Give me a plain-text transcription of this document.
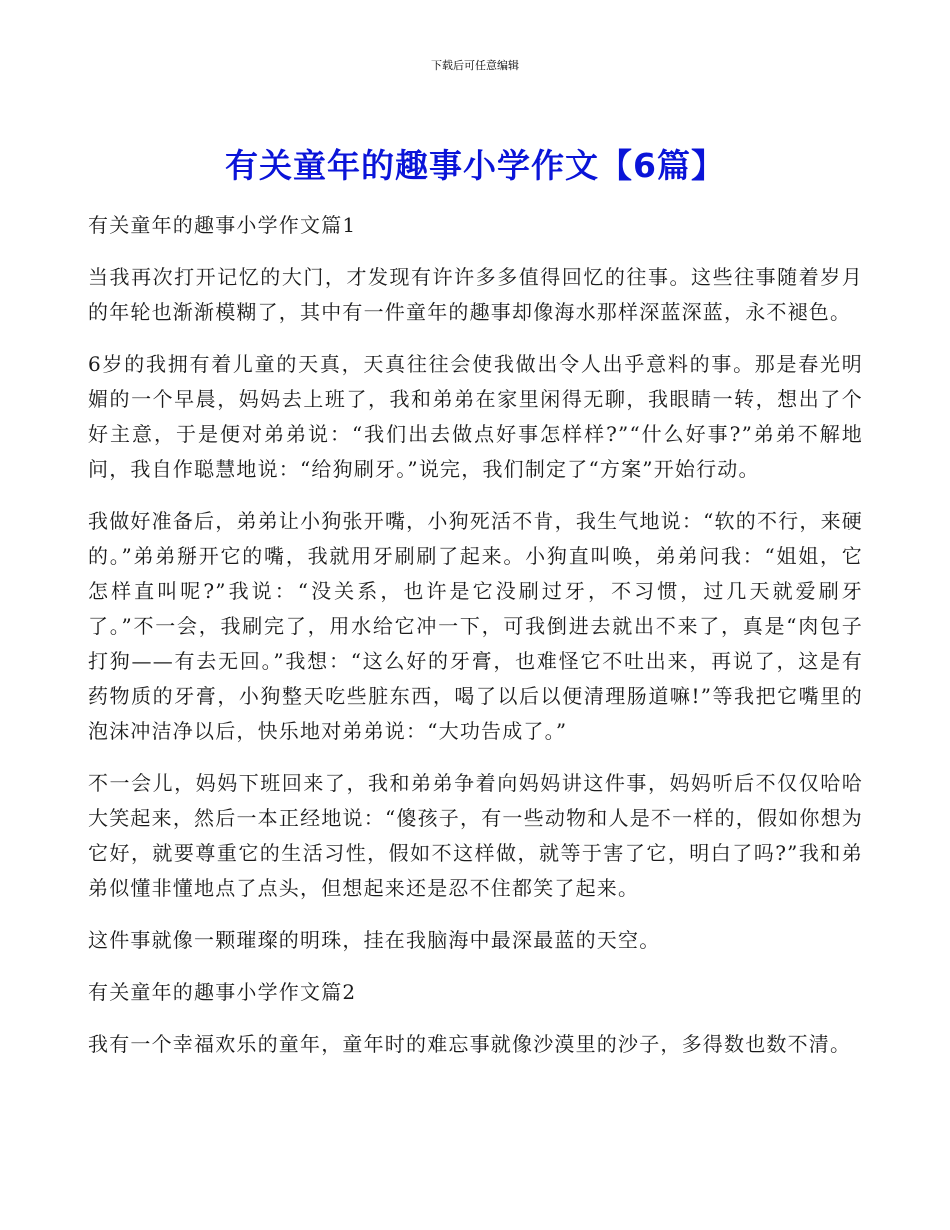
下载后可任意编辑
有关童年的趣事小学作文【6篇】

有关童年的趣事小学作文篇1

当我再次打开记忆的大门，才发现有许许多多值得回忆的往事。这些往事随着岁月的年轮也渐渐模糊了，其中有一件童年的趣事却像海水那样深蓝深蓝，永不褪色。

6岁的我拥有着儿童的天真，天真往往会使我做出令人出乎意料的事。那是春光明媚的一个早晨，妈妈去上班了，我和弟弟在家里闲得无聊，我眼睛一转，想出了个好主意，于是便对弟弟说：“我们出去做点好事怎样样?”“什么好事?”弟弟不解地问，我自作聪慧地说：“给狗刷牙。”说完，我们制定了“方案”开始行动。

我做好准备后，弟弟让小狗张开嘴，小狗死活不肯，我生气地说：“软的不行，来硬的。”弟弟掰开它的嘴，我就用牙刷刷了起来。小狗直叫唤，弟弟问我：“姐姐，它怎样直叫呢?”我说：“没关系，也许是它没刷过牙，不习惯，过几天就爱刷牙了。”不一会，我刷完了，用水给它冲一下，可我倒进去就出不来了，真是“肉包子打狗——有去无回。”我想：“这么好的牙膏，也难怪它不吐出来，再说了，这是有药物质的牙膏，小狗整天吃些脏东西，喝了以后以便清理肠道嘛!”等我把它嘴里的泡沫冲洁净以后，快乐地对弟弟说：“大功告成了。”

不一会儿，妈妈下班回来了，我和弟弟争着向妈妈讲这件事，妈妈听后不仅仅哈哈大笑起来，然后一本正经地说：“傻孩子，有一些动物和人是不一样的，假如你想为它好，就要尊重它的生活习性，假如不这样做，就等于害了它，明白了吗?”我和弟弟似懂非懂地点了点头，但想起来还是忍不住都笑了起来。

这件事就像一颗璀璨的明珠，挂在我脑海中最深最蓝的天空。

有关童年的趣事小学作文篇2

我有一个幸福欢乐的童年，童年时的难忘事就像沙漠里的沙子，多得数也数不清。
